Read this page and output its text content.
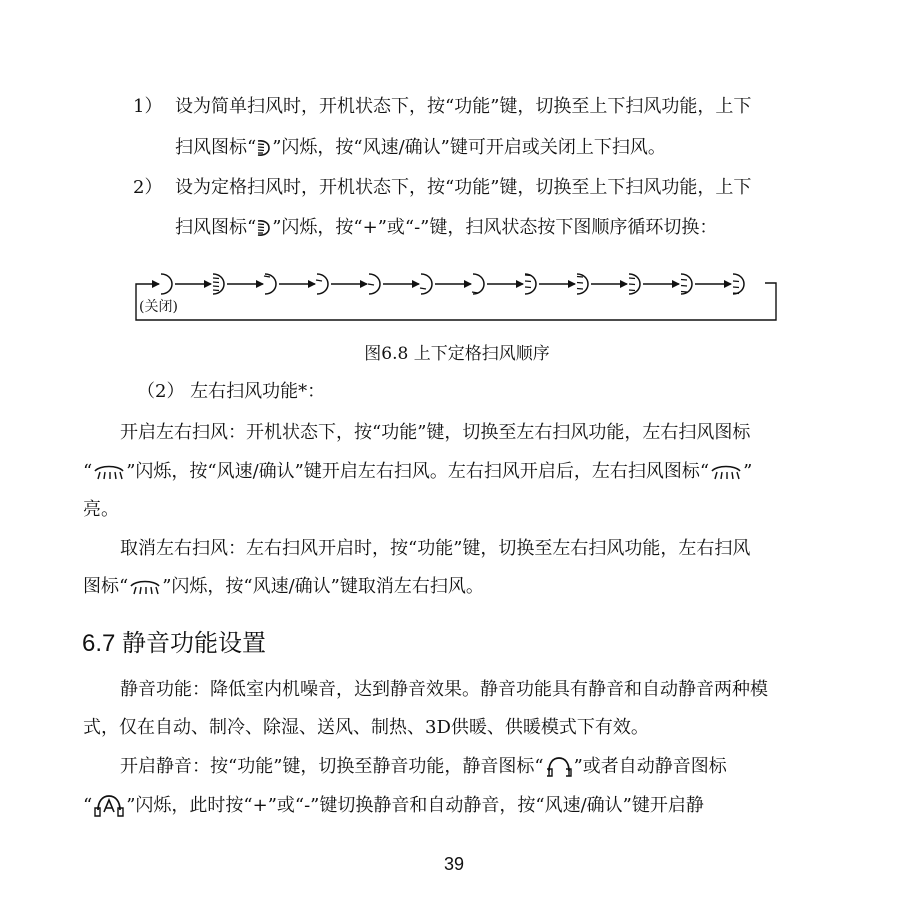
1） 设为简单扫风时，开机状态下，按“功能”键，切换至上下扫风功能，上下
扫风图标“ ”闪烁，按“风速/确认”键可开启或关闭上下扫风。
2） 设为定格扫风时，开机状态下，按“功能”键，切换至上下扫风功能，上下
扫风图标“ ”闪烁，按“+”或“-”键，扫风状态按下图顺序循环切换：
(关闭)
图6.8 上下定格扫风顺序
（2） 左右扫风功能*：
开启左右扫风：开机状态下，按“功能”键，切换至左右扫风功能，左右扫风图标
“ ”闪烁，按“风速/确认”键开启左右扫风。左右扫风开启后，左右扫风图标“ ”
亮。
取消左右扫风：左右扫风开启时，按“功能”键，切换至左右扫风功能，左右扫风
图标“ ”闪烁，按“风速/确认”键取消左右扫风。
6.7 静音功能设置
静音功能：降低室内机噪音，达到静音效果。静音功能具有静音和自动静音两种模
式，仅在自动、制冷、除湿、送风、制热、3D供暖、供暖模式下有效。
开启静音：按“功能”键，切换至静音功能，静音图标“ ”或者自动静音图标
“ ”闪烁，此时按“+”或“-”键切换静音和自动静音，按“风速/确认”键开启静
39
